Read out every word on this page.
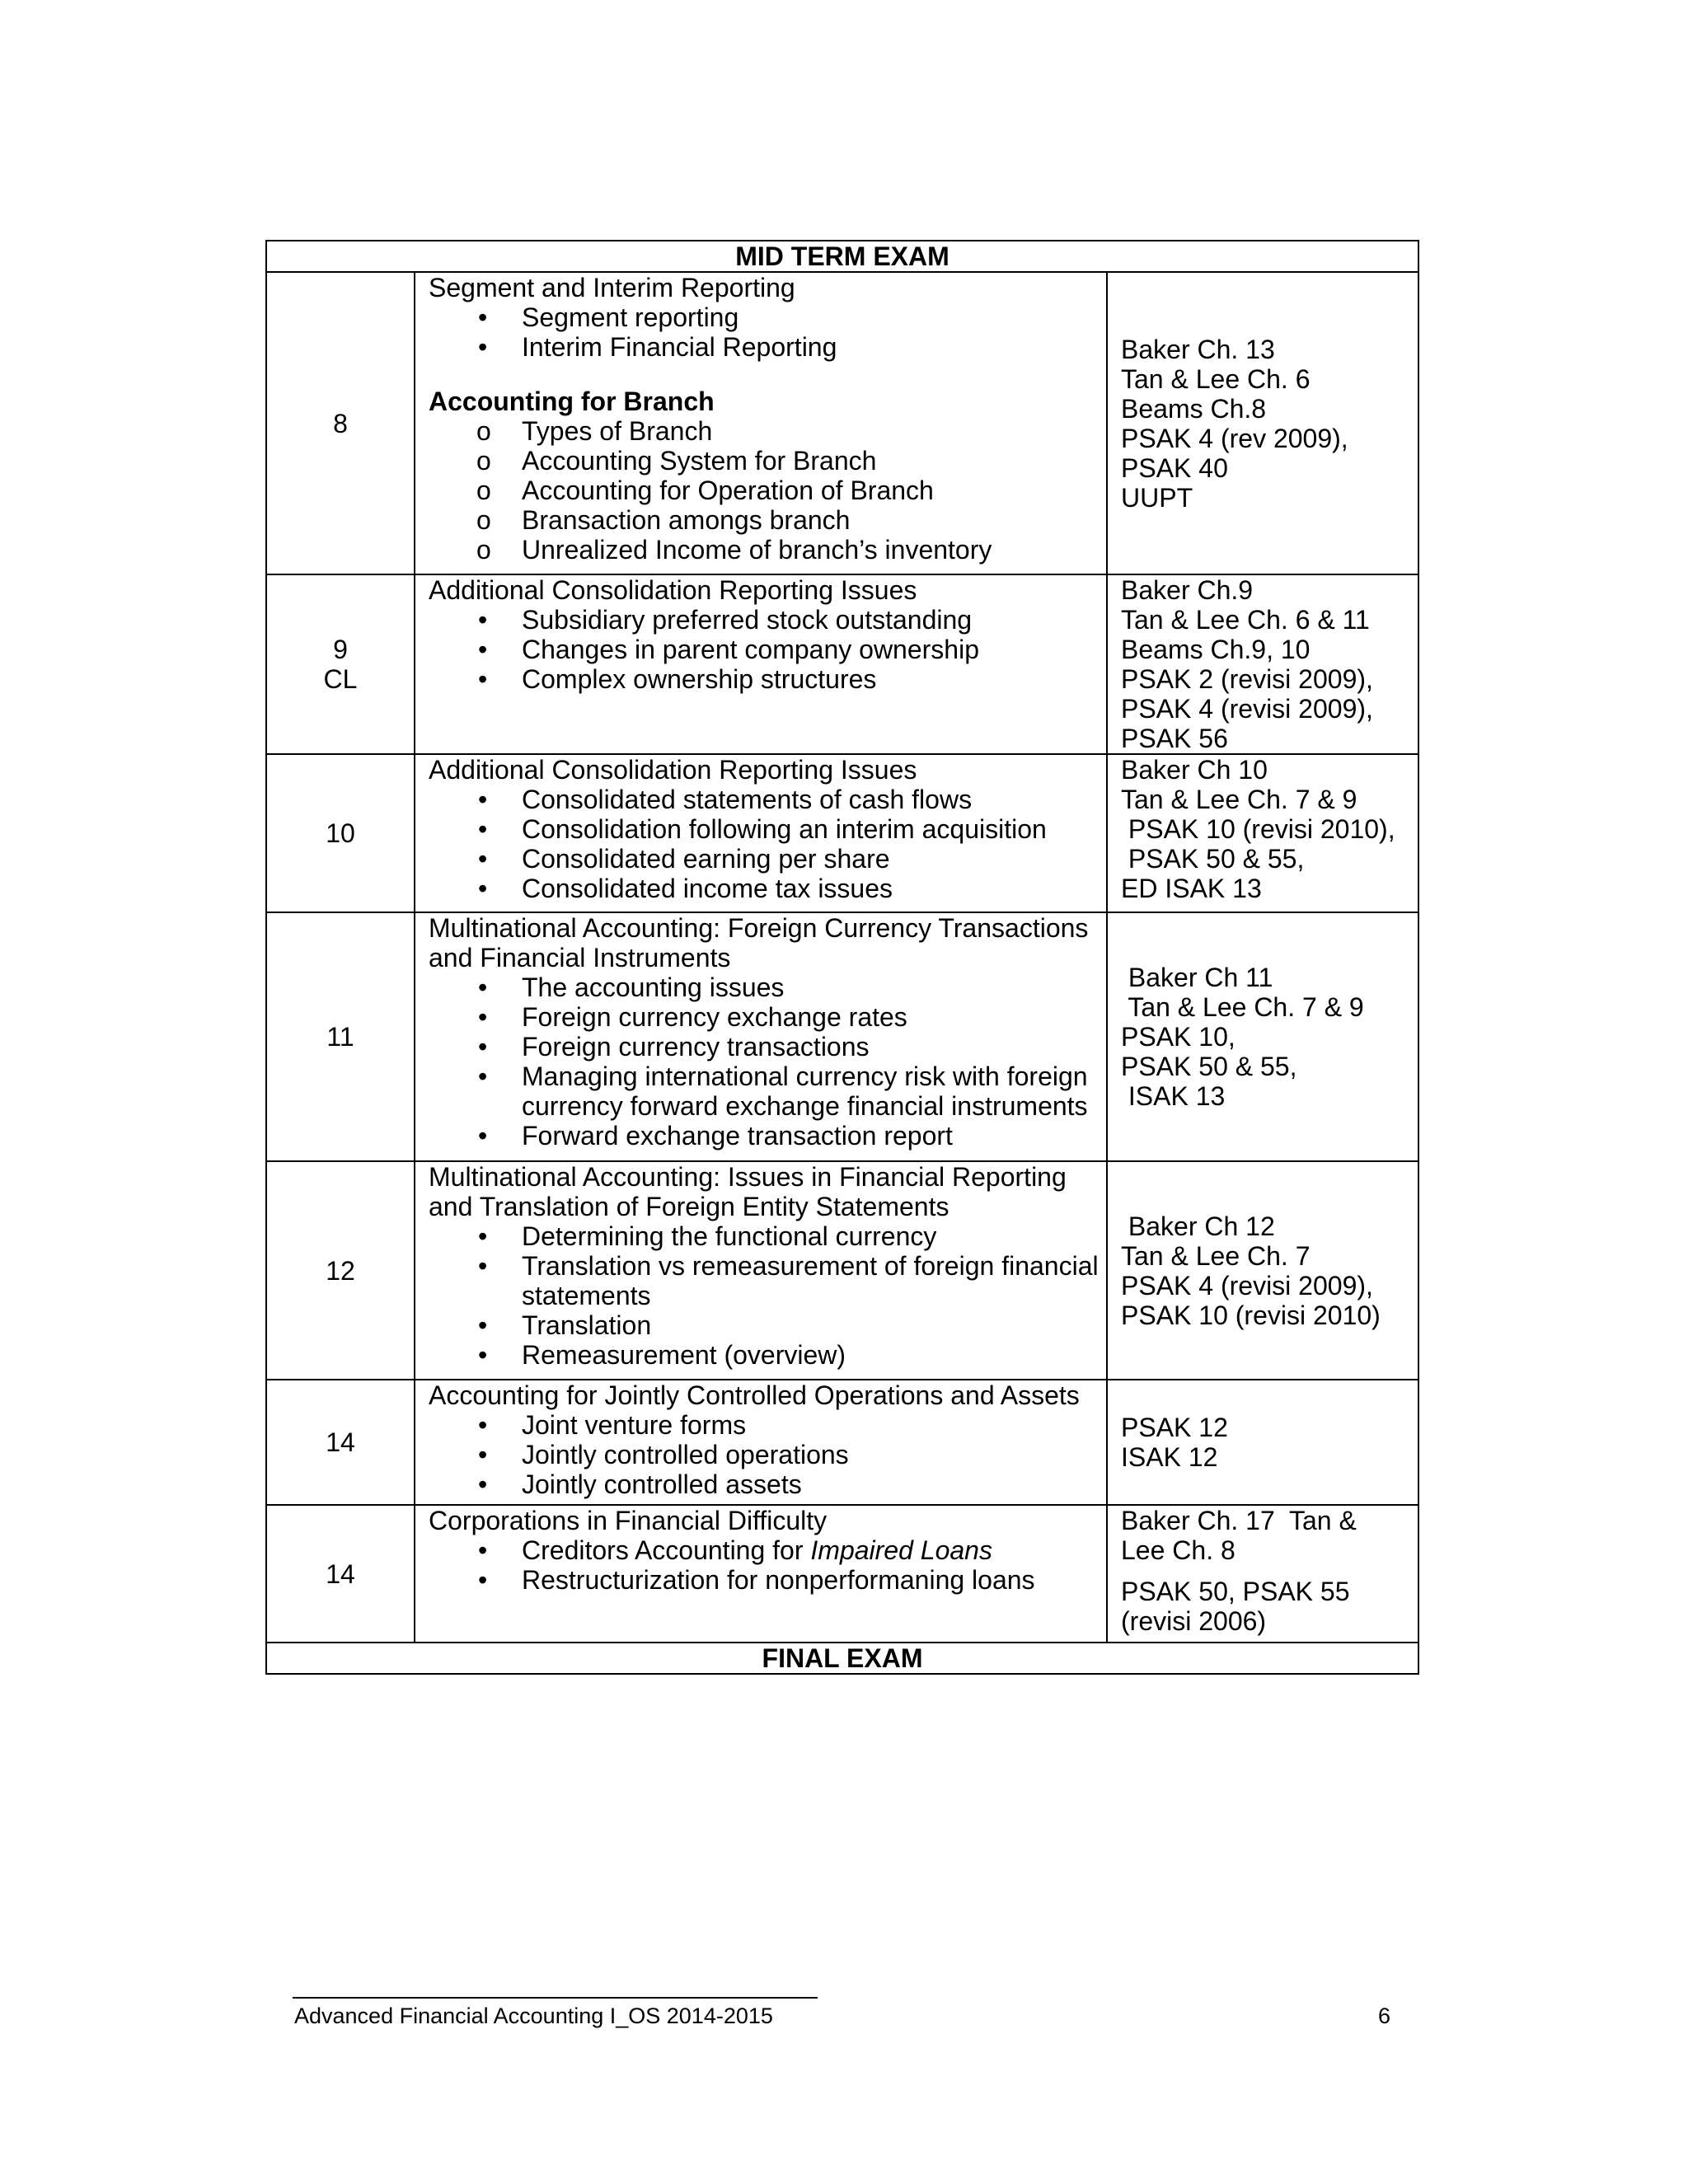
MID TERM EXAM
8
Segment and Interim Reporting
• Segment reporting
• Interim Financial Reporting
Accounting for Branch
o Types of Branch
o Accounting System for Branch
o Accounting for Operation of Branch
o Bransaction amongs branch
o Unrealized Income of branch’s inventory
Baker Ch. 13
Tan & Lee Ch. 6
Beams Ch.8
PSAK 4 (rev 2009),
PSAK 40
UUPT
9
CL
Additional Consolidation Reporting Issues
• Subsidiary preferred stock outstanding
• Changes in parent company ownership
• Complex ownership structures
Baker Ch.9
Tan & Lee Ch. 6 & 11
Beams Ch.9, 10
PSAK 2 (revisi 2009),
PSAK 4 (revisi 2009),
PSAK 56
10
Additional Consolidation Reporting Issues
• Consolidated statements of cash flows
• Consolidation following an interim acquisition
• Consolidated earning per share
• Consolidated income tax issues
Baker Ch 10
Tan & Lee Ch. 7 & 9
PSAK 10 (revisi 2010),
PSAK 50 & 55,
ED ISAK 13
11
Multinational Accounting: Foreign Currency Transactions
and Financial Instruments
• The accounting issues
• Foreign currency exchange rates
• Foreign currency transactions
• Managing international currency risk with foreign
currency forward exchange financial instruments
• Forward exchange transaction report
Baker Ch 11
Tan & Lee Ch. 7 & 9
PSAK 10,
PSAK 50 & 55,
ISAK 13
12
Multinational Accounting: Issues in Financial Reporting
and Translation of Foreign Entity Statements
• Determining the functional currency
• Translation vs remeasurement of foreign financial
statements
• Translation
• Remeasurement (overview)
Baker Ch 12
Tan & Lee Ch. 7
PSAK 4 (revisi 2009),
PSAK 10 (revisi 2010)
14
Accounting for Jointly Controlled Operations and Assets
• Joint venture forms
• Jointly controlled operations
• Jointly controlled assets
PSAK 12
ISAK 12
14
Corporations in Financial Difficulty
• Creditors Accounting for Impaired Loans
• Restructurization for nonperformaning loans
Baker Ch. 17  Tan &
Lee Ch. 8
PSAK 50, PSAK 55
(revisi 2006)
FINAL EXAM
Advanced Financial Accounting I_OS 2014-2015	6
